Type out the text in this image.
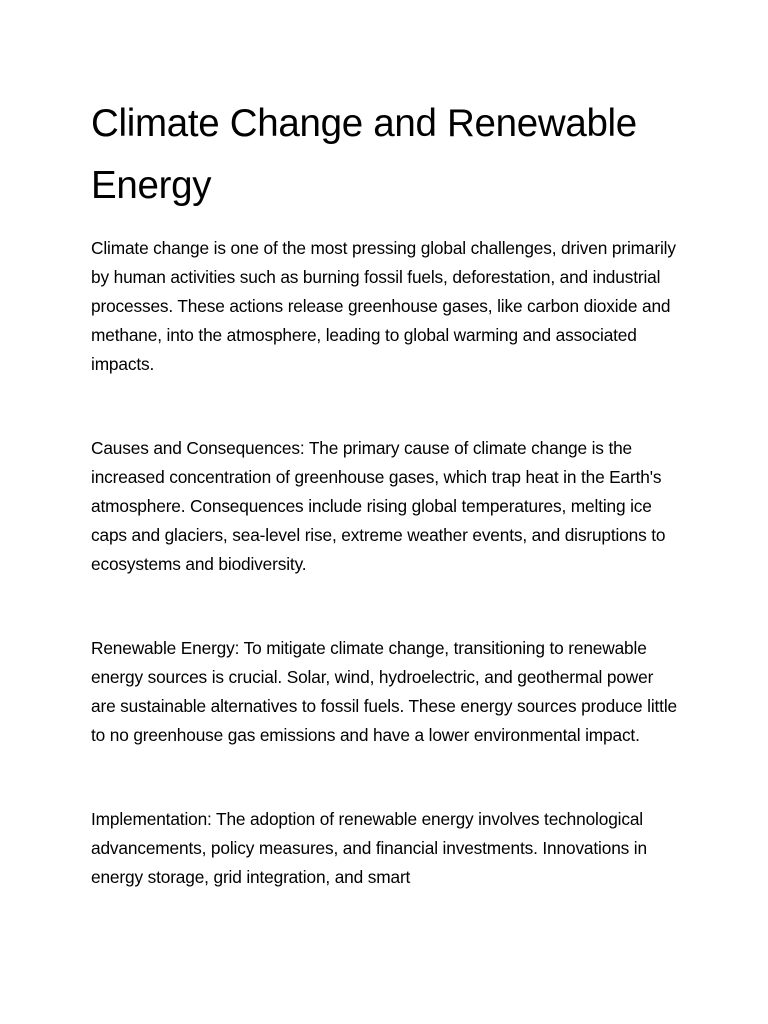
Climate Change and Renewable Energy

Climate change is one of the most pressing global challenges, driven primarily by human activities such as burning fossil fuels, deforestation, and industrial processes. These actions release greenhouse gases, like carbon dioxide and methane, into the atmosphere, leading to global warming and associated impacts.

Causes and Consequences: The primary cause of climate change is the increased concentration of greenhouse gases, which trap heat in the Earth's atmosphere. Consequences include rising global temperatures, melting ice caps and glaciers, sea-level rise, extreme weather events, and disruptions to ecosystems and biodiversity.

Renewable Energy: To mitigate climate change, transitioning to renewable energy sources is crucial. Solar, wind, hydroelectric, and geothermal power are sustainable alternatives to fossil fuels. These energy sources produce little to no greenhouse gas emissions and have a lower environmental impact.

Implementation: The adoption of renewable energy involves technological advancements, policy measures, and financial investments. Innovations in energy storage, grid integration, and smart
